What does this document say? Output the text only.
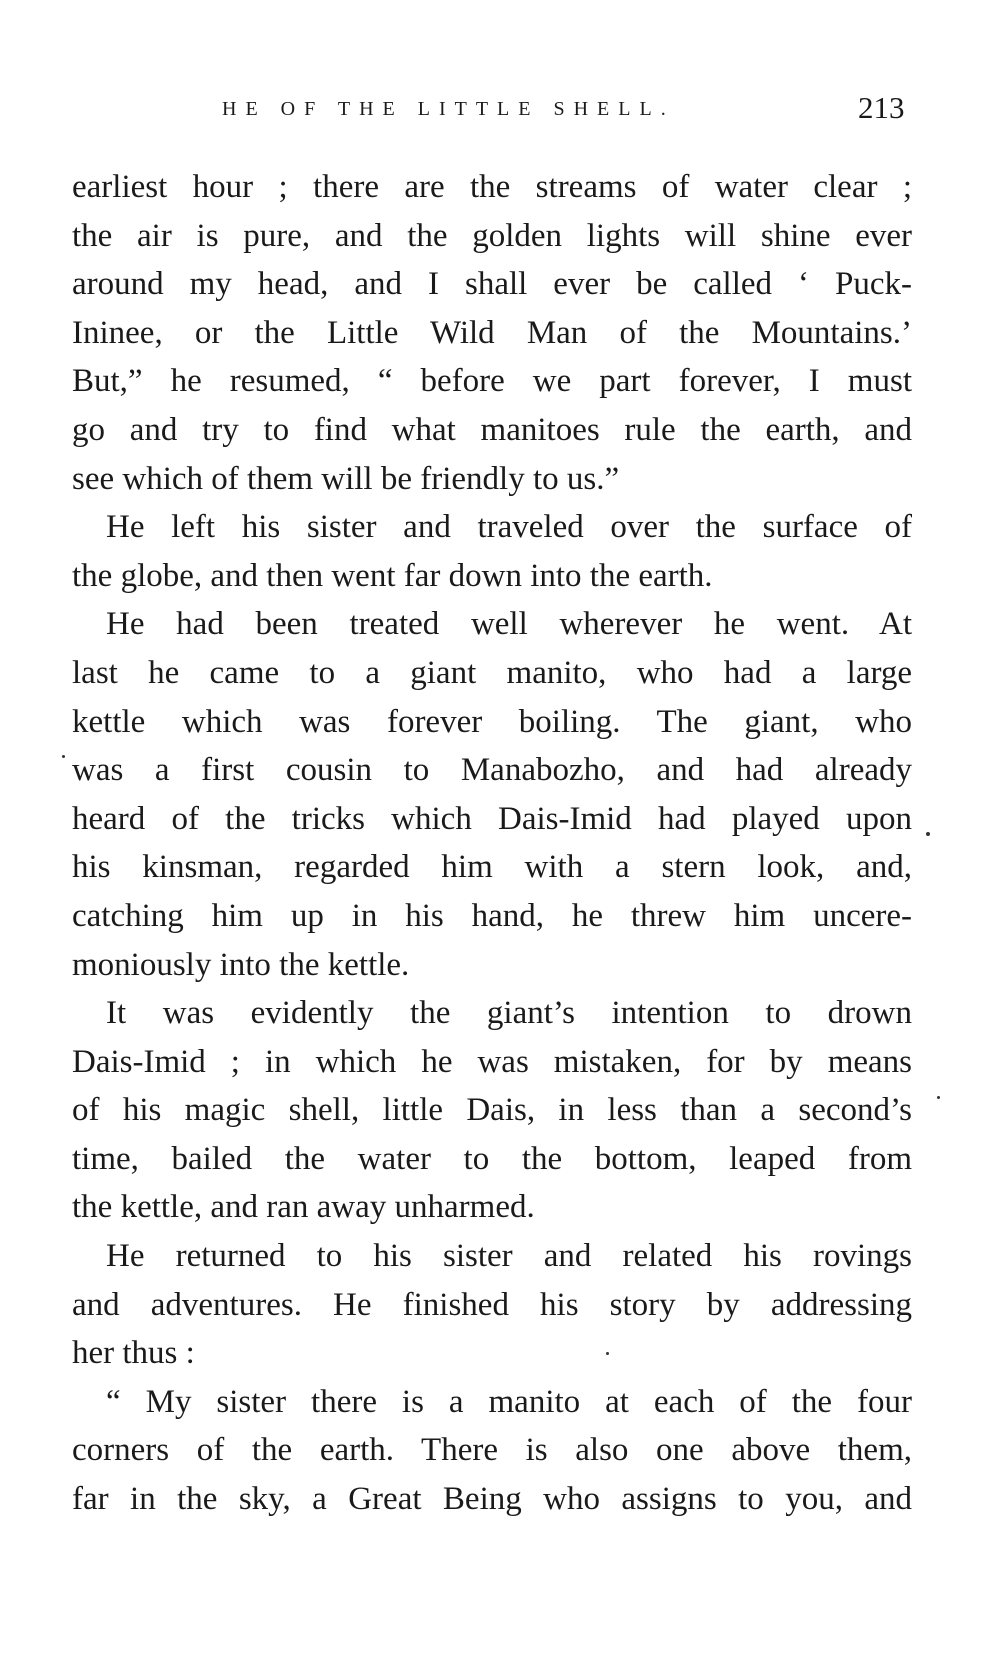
HE OF THE LITTLE SHELL.	213
earliest hour ; there are the streams of water clear ;
the air is pure, and the golden lights will shine ever
around my head, and I shall ever be called ‘ Puck-
Ininee, or the Little Wild Man of the Mountains.’
But,” he resumed, “ before we part forever, I must
go and try to find what manitoes rule the earth, and
see which of them will be friendly to us.”
He left his sister and traveled over the surface of
the globe, and then went far down into the earth.
He had been treated well wherever he went. At
last he came to a giant manito, who had a large
kettle which was forever boiling. The giant, who
was a first cousin to Manabozho, and had already
heard of the tricks which Dais-Imid had played upon
his kinsman, regarded him with a stern look, and,
catching him up in his hand, he threw him uncere-
moniously into the kettle.
It was evidently the giant’s intention to drown
Dais-Imid ; in which he was mistaken, for by means
of his magic shell, little Dais, in less than a second’s
time, bailed the water to the bottom, leaped from
the kettle, and ran away unharmed.
He returned to his sister and related his rovings
and adventures. He finished his story by addressing
her thus :
“ My sister there is a manito at each of the four
corners of the earth. There is also one above them,
far in the sky, a Great Being who assigns to you, and
